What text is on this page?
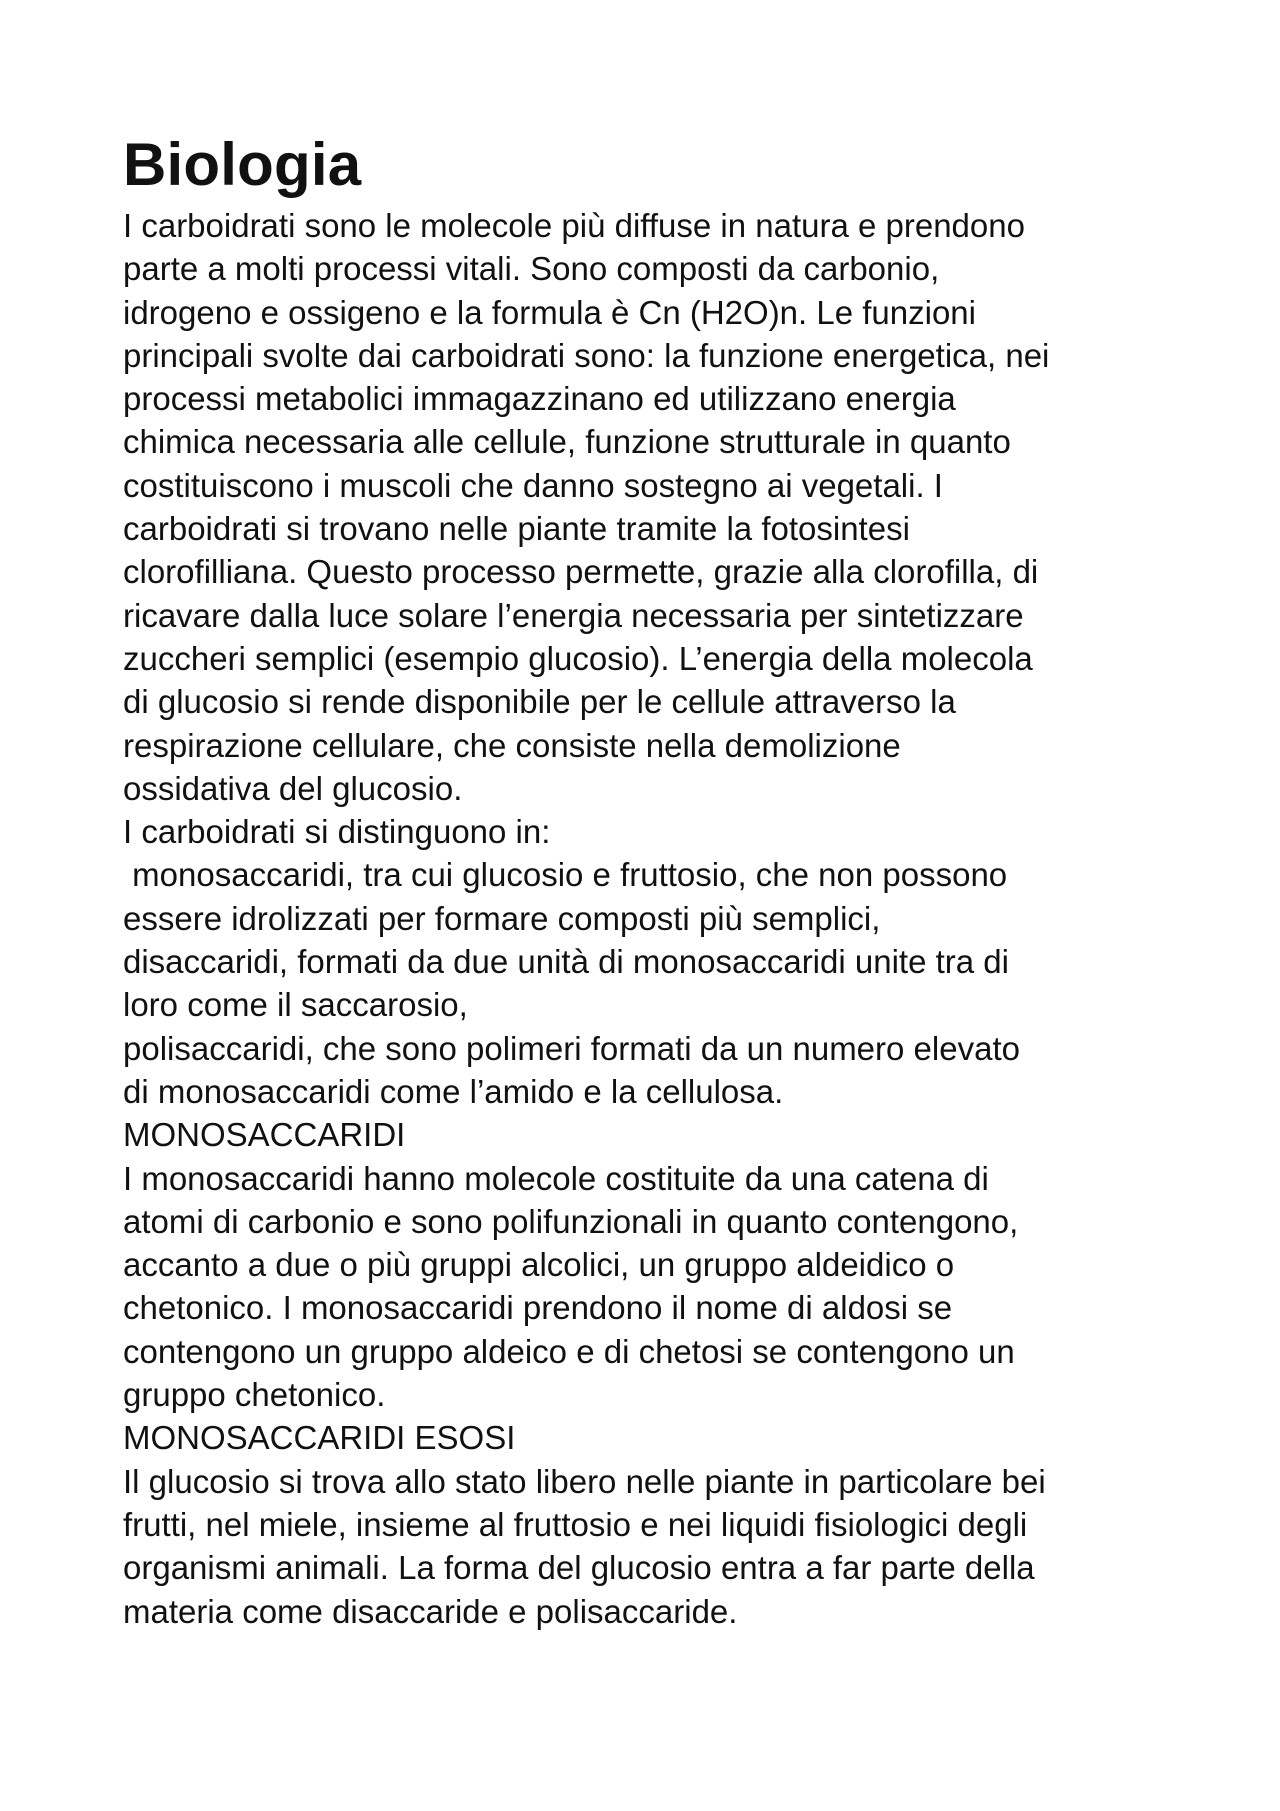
Biologia
I carboidrati sono le molecole più diffuse in natura e prendono
parte a molti processi vitali. Sono composti da carbonio,
idrogeno e ossigeno e la formula è Cn (H2O)n. Le funzioni
principali svolte dai carboidrati sono: la funzione energetica, nei
processi metabolici immagazzinano ed utilizzano energia
chimica necessaria alle cellule, funzione strutturale in quanto
costituiscono i muscoli che danno sostegno ai vegetali. I
carboidrati si trovano nelle piante tramite la fotosintesi
clorofilliana. Questo processo permette, grazie alla clorofilla, di
ricavare dalla luce solare l’energia necessaria per sintetizzare
zuccheri semplici (esempio glucosio). L’energia della molecola
di glucosio si rende disponibile per le cellule attraverso la
respirazione cellulare, che consiste nella demolizione
ossidativa del glucosio.
I carboidrati si distinguono in:
monosaccaridi, tra cui glucosio e fruttosio, che non possono
essere idrolizzati per formare composti più semplici,
disaccaridi, formati da due unità di monosaccaridi unite tra di
loro come il saccarosio,
polisaccaridi, che sono polimeri formati da un numero elevato
di monosaccaridi come l’amido e la cellulosa.
MONOSACCARIDI
I monosaccaridi hanno molecole costituite da una catena di
atomi di carbonio e sono polifunzionali in quanto contengono,
accanto a due o più gruppi alcolici, un gruppo aldeidico o
chetonico. I monosaccaridi prendono il nome di aldosi se
contengono un gruppo aldeico e di chetosi se contengono un
gruppo chetonico.
MONOSACCARIDI ESOSI
Il glucosio si trova allo stato libero nelle piante in particolare bei
frutti, nel miele, insieme al fruttosio e nei liquidi fisiologici degli
organismi animali. La forma del glucosio entra a far parte della
materia come disaccaride e polisaccaride.
